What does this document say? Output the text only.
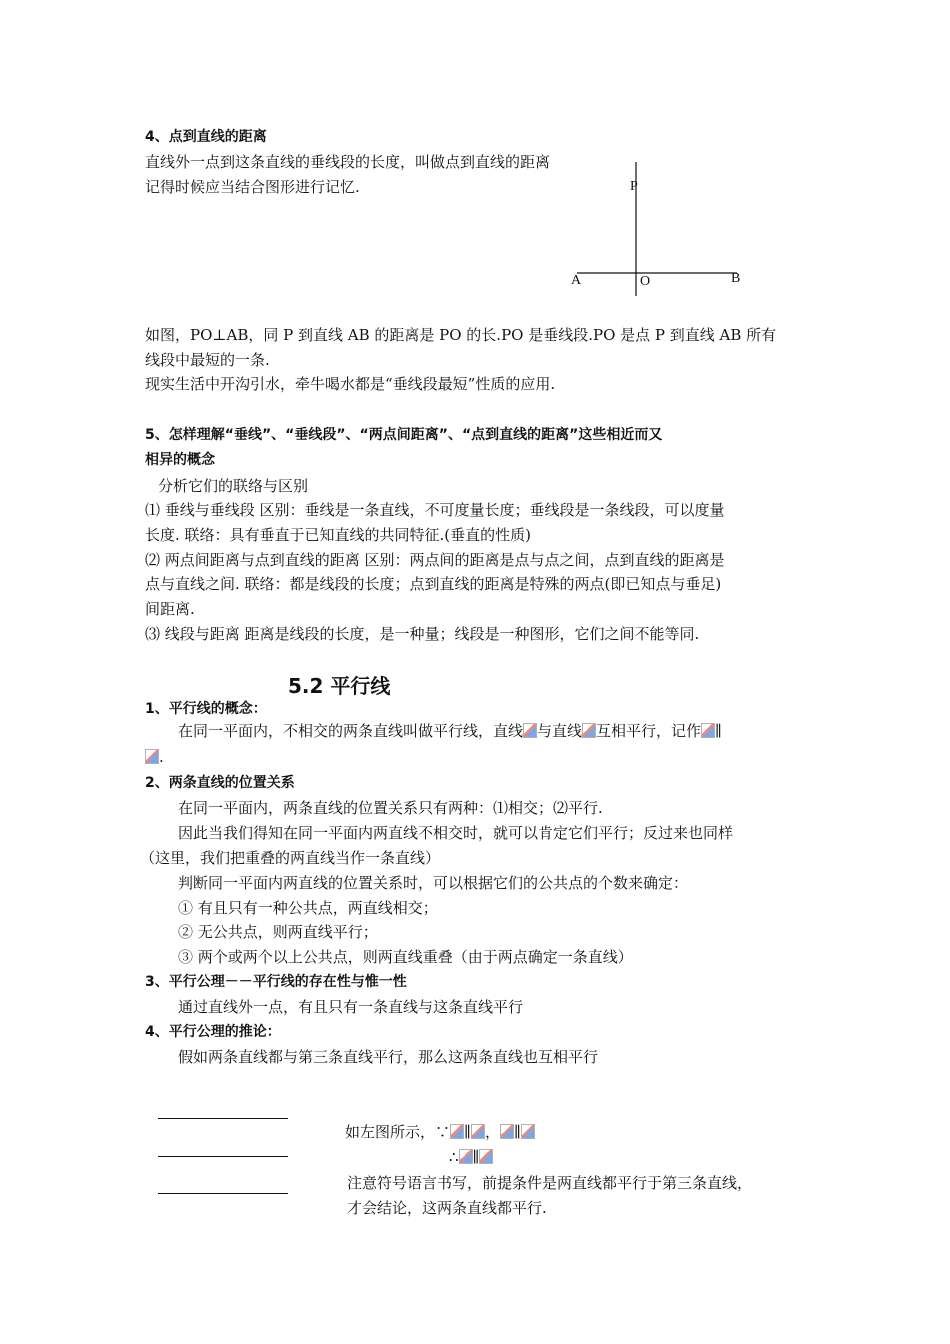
4、点到直线的距离
直线外一点到这条直线的垂线段的长度，叫做点到直线的距离
记得时候应当结合图形进行记忆.	P
A	O	B
如图，PO⊥AB，同 P 到直线 AB 的距离是 PO 的长.PO 是垂线段.PO 是点 P 到直线 AB 所有
线段中最短的一条.
现实生活中开沟引水，牵牛喝水都是“垂线段最短”性质的应用.
5、怎样理解“垂线”、“垂线段”、“两点间距离”、“点到直线的距离”这些相近而又
相异的概念
分析它们的联络与区别
⑴ 垂线与垂线段 区别：垂线是一条直线，不可度量长度；垂线段是一条线段，可以度量
长度. 联络：具有垂直于已知直线的共同特征.(垂直的性质)
⑵ 两点间距离与点到直线的距离 区别：两点间的距离是点与点之间，点到直线的距离是
点与直线之间. 联络：都是线段的长度；点到直线的距离是特殊的两点(即已知点与垂足)
间距离.
⑶ 线段与距离 距离是线段的长度，是一种量；线段是一种图形，它们之间不能等同.
5.2 平行线
1、平行线的概念：
在同一平面内，不相交的两条直线叫做平行线，直线 与直线 互相平行，记作 ∥
.
2、两条直线的位置关系
在同一平面内，两条直线的位置关系只有两种：⑴相交；⑵平行.
因此当我们得知在同一平面内两直线不相交时，就可以肯定它们平行；反过来也同样
（这里，我们把重叠的两直线当作一条直线）
判断同一平面内两直线的位置关系时，可以根据它们的公共点的个数来确定：
① 有且只有一种公共点，两直线相交；
② 无公共点，则两直线平行；
③ 两个或两个以上公共点，则两直线重叠（由于两点确定一条直线）
3、平行公理－－平行线的存在性与惟一性
通过直线外一点，有且只有一条直线与这条直线平行
4、平行公理的推论：
假如两条直线都与第三条直线平行，那么这两条直线也互相平行
如左图所示，∵ ∥ ， ∥
∴ ∥
注意符号语言书写，前提条件是两直线都平行于第三条直线，
才会结论，这两条直线都平行.
